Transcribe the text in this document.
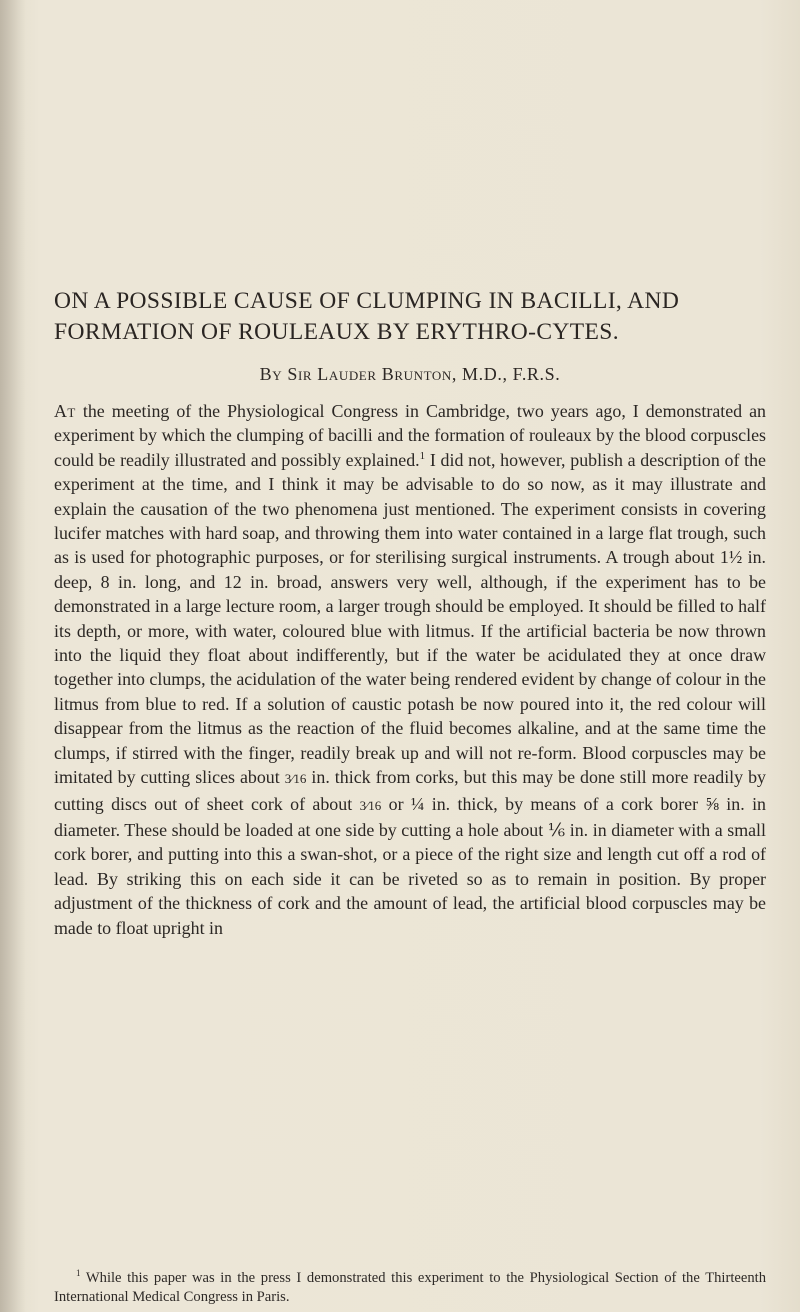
ON A POSSIBLE CAUSE OF CLUMPING IN BACILLI, AND FORMATION OF ROULEAUX BY ERYTHRO-CYTES.

By Sir Lauder Brunton, M.D., F.R.S.

At the meeting of the Physiological Congress in Cambridge, two years ago, I demonstrated an experiment by which the clumping of bacilli and the formation of rouleaux by the blood corpuscles could be readily illustrated and possibly explained.$^1$ I did not, however, publish a description of the experiment at the time, and I think it may be advisable to do so now, as it may illustrate and explain the causation of the two phenomena just mentioned. The experiment consists in covering lucifer matches with hard soap, and throwing them into water contained in a large flat trough, such as is used for photographic purposes, or for sterilising surgical instruments. A trough about 1½ in. deep, 8 in. long, and 12 in. broad, answers very well, although, if the experiment has to be demonstrated in a large lecture room, a larger trough should be employed. It should be filled to half its depth, or more, with water, coloured blue with litmus. If the artificial bacteria be now thrown into the liquid they float about indifferently, but if the water be acidulated they at once draw together into clumps, the acidulation of the water being rendered evident by change of colour in the litmus from blue to red. If a solution of caustic potash be now poured into it, the red colour will disappear from the litmus as the reaction of the fluid becomes alkaline, and at the same time the clumps, if stirred with the finger, readily break up and will not re-form. Blood corpuscles may be imitated by cutting slices about 3⁄16 in. thick from corks, but this may be done still more readily by cutting discs out of sheet cork of about 3⁄16 or ¼ in. thick, by means of a cork borer ⅝ in. in diameter. These should be loaded at one side by cutting a hole about ⅙ in. in diameter with a small cork borer, and putting into this a swan-shot, or a piece of the right size and length cut off a rod of lead. By striking this on each side it can be riveted so as to remain in position. By proper adjustment of the thickness of cork and the amount of lead, the artificial blood corpuscles may be made to float upright in

$^1$ While this paper was in the press I demonstrated this experiment to the Physiological Section of the Thirteenth International Medical Congress in Paris.
